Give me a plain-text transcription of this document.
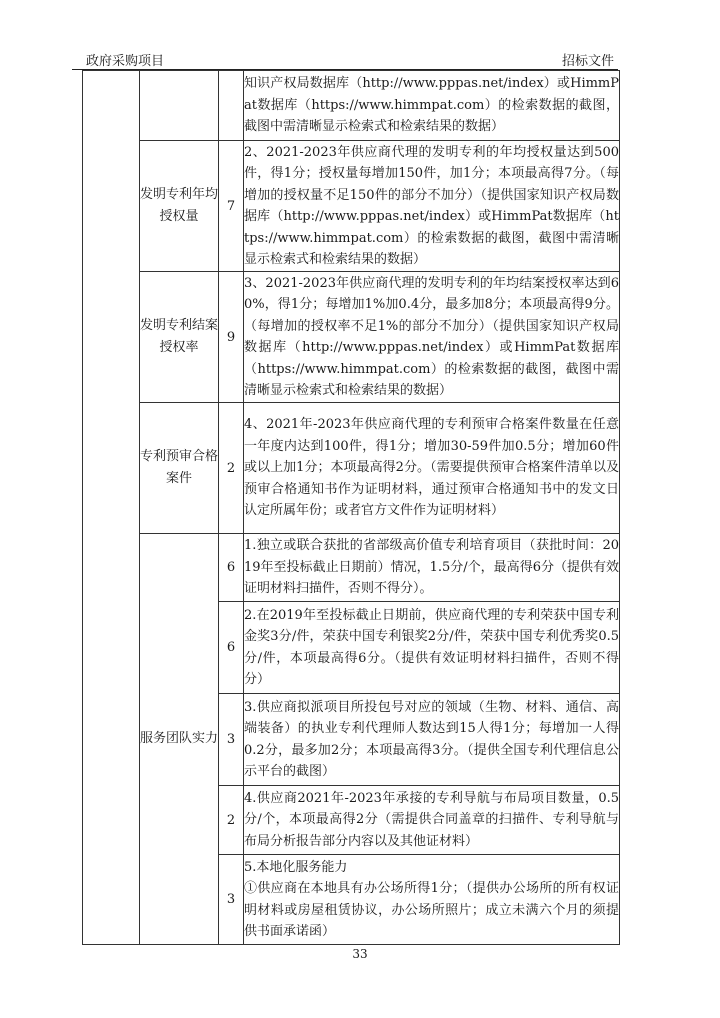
政府采购项目	招标文件
			知识产权局数据库（http://www.pppas.net/index）或HimmPat数据库（https://www.himmpat.com）的检索数据的截图，截图中需清晰显示检索式和检索结果的数据）
	发明专利年均授权量	7	2、2021-2023年供应商代理的发明专利的年均授权量达到500件，得1分；授权量每增加150件，加1分；本项最高得7分。（每增加的授权量不足150件的部分不加分）（提供国家知识产权局数据库（http://www.pppas.net/index）或HimmPat数据库（https://www.himmpat.com）的检索数据的截图，截图中需清晰显示检索式和检索结果的数据）
	发明专利结案授权率	9	3、2021-2023年供应商代理的发明专利的年均结案授权率达到60%，得1分；每增加1%加0.4分，最多加8分；本项最高得9分。（每增加的授权率不足1%的部分不加分）（提供国家知识产权局数据库（http://www.pppas.net/index）或HimmPat数据库（https://www.himmpat.com）的检索数据的截图，截图中需清晰显示检索式和检索结果的数据）
	专利预审合格案件	2	4、2021年-2023年供应商代理的专利预审合格案件数量在任意一年度内达到100件，得1分；增加30-59件加0.5分；增加60件或以上加1分；本项最高得2分。（需要提供预审合格案件清单以及预审合格通知书作为证明材料，通过预审合格通知书中的发文日认定所属年份；或者官方文件作为证明材料）
	服务团队实力	6	1.独立或联合获批的省部级高价值专利培育项目（获批时间：2019年至投标截止日期前）情况，1.5分/个，最高得6分（提供有效证明材料扫描件，否则不得分）。
		6	2.在2019年至投标截止日期前，供应商代理的专利荣获中国专利金奖3分/件，荣获中国专利银奖2分/件，荣获中国专利优秀奖0.5分/件，本项最高得6分。（提供有效证明材料扫描件，否则不得分）
		3	3.供应商拟派项目所投包号对应的领域（生物、材料、通信、高端装备）的执业专利代理师人数达到15人得1分；每增加一人得0.2分，最多加2分；本项最高得3分。（提供全国专利代理信息公示平台的截图）
		2	4.供应商2021年-2023年承接的专利导航与布局项目数量，0.5分/个，本项最高得2分（需提供合同盖章的扫描件、专利导航与布局分析报告部分内容以及其他证材料）
		3	5.本地化服务能力
①供应商在本地具有办公场所得1分；（提供办公场所的所有权证明材料或房屋租赁协议，办公场所照片；成立未满六个月的须提供书面承诺函）
33
